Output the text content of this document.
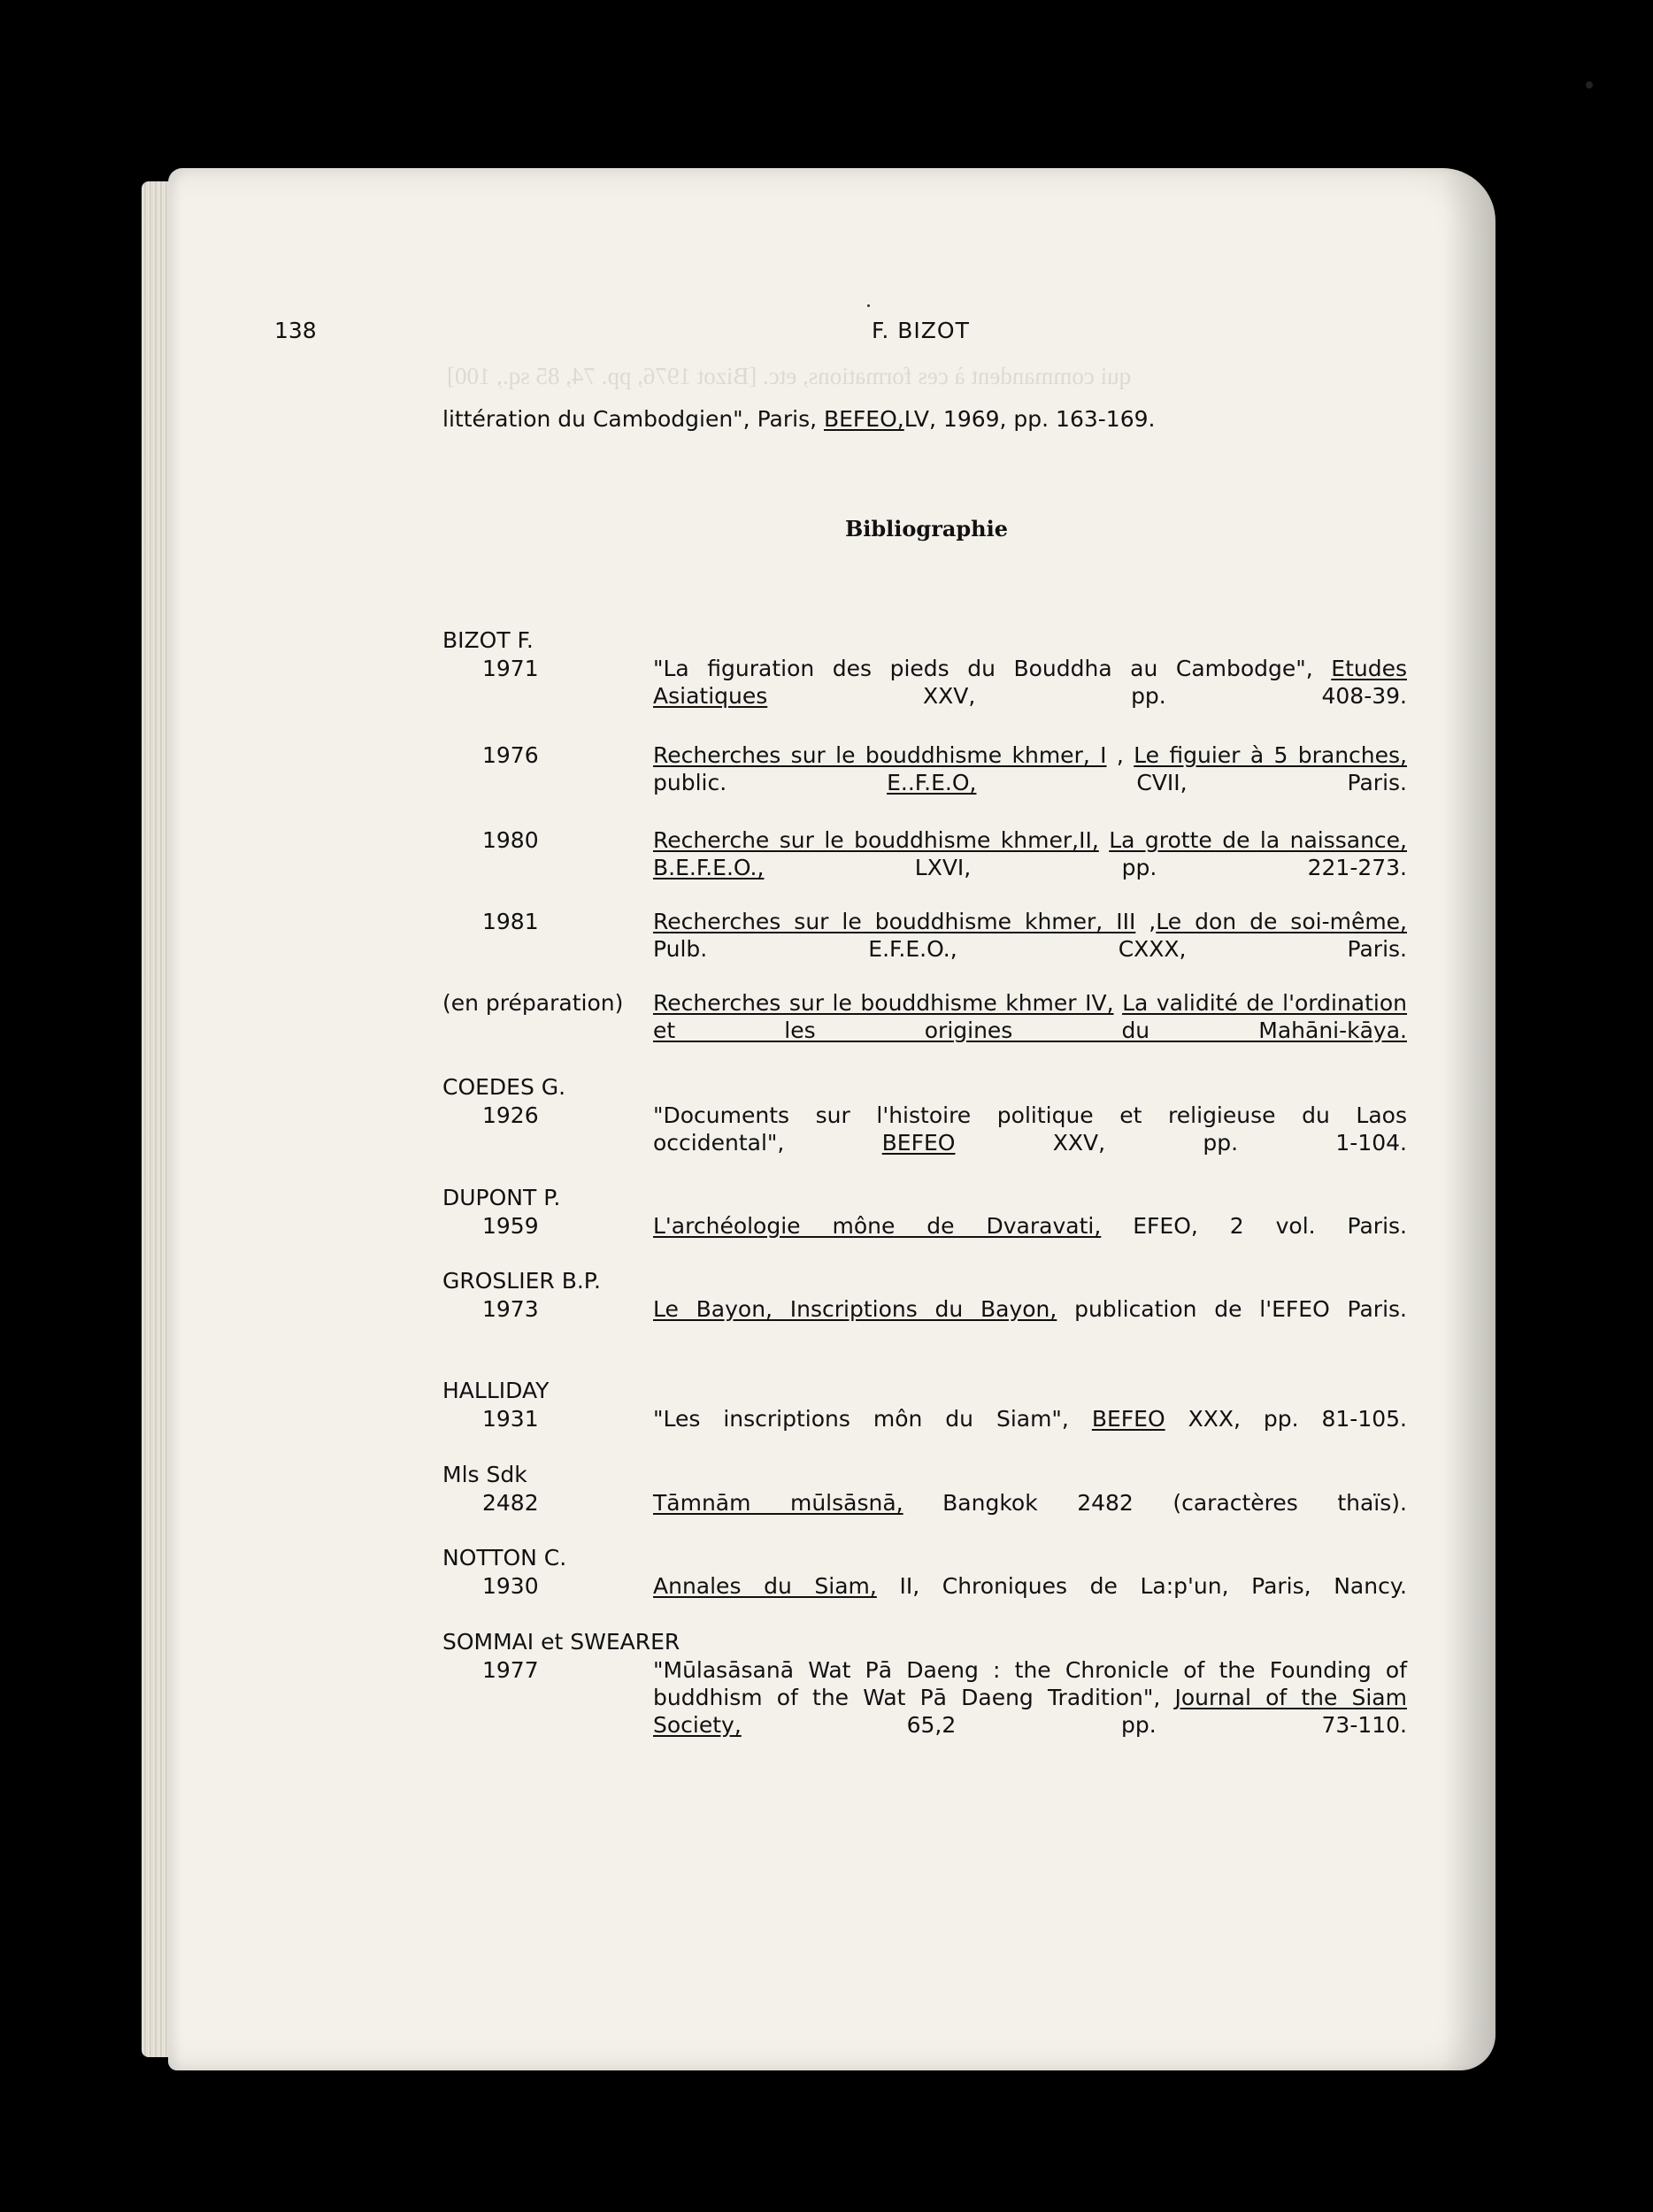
138	F. BIZOT
littération du Cambodgien", Paris, BEFEO,LV, 1969, pp. 163-169.
Bibliographie
BIZOT F.
1971	"La figuration des pieds du Bouddha au Cambodge", Etudes Asiatiques XXV, pp. 408-39.
1976	Recherches sur le bouddhisme khmer, I , Le figuier à 5 branches, public. E..F.E.O, CVII, Paris.
1980	Recherche sur le bouddhisme khmer,II, La grotte de la naissance, B.E.F.E.O., LXVI, pp. 221-273.
1981	Recherches sur le bouddhisme khmer, III ,Le don de soi-même, Pulb. E.F.E.O., CXXX, Paris.
(en préparation) Recherches sur le bouddhisme khmer IV, La validité de l'ordination et les origines du Mahāni-kāya.
COEDES G.
1926	"Documents sur l'histoire politique et religieuse du Laos occidental", BEFEO XXV, pp. 1-104.
DUPONT P.
1959	L'archéologie mône de Dvaravati, EFEO, 2 vol. Paris.
GROSLIER B.P.
1973	Le Bayon, Inscriptions du Bayon, publication de l'EFEO Paris.
HALLIDAY
1931	"Les inscriptions môn du Siam", BEFEO XXX, pp. 81-105.
Mls Sdk
2482	Tāmnām mūlsāsnā, Bangkok 2482 (caractères thaïs).
NOTTON C.
1930	Annales du Siam, II, Chroniques de La:p'un, Paris, Nancy.
SOMMAI et SWEARER
1977	"Mūlasāsanā Wat Pā Daeng : the Chronicle of the Founding of buddhism of the Wat Pā Daeng Tradition", Journal of the Siam Society, 65,2 pp. 73-110.
